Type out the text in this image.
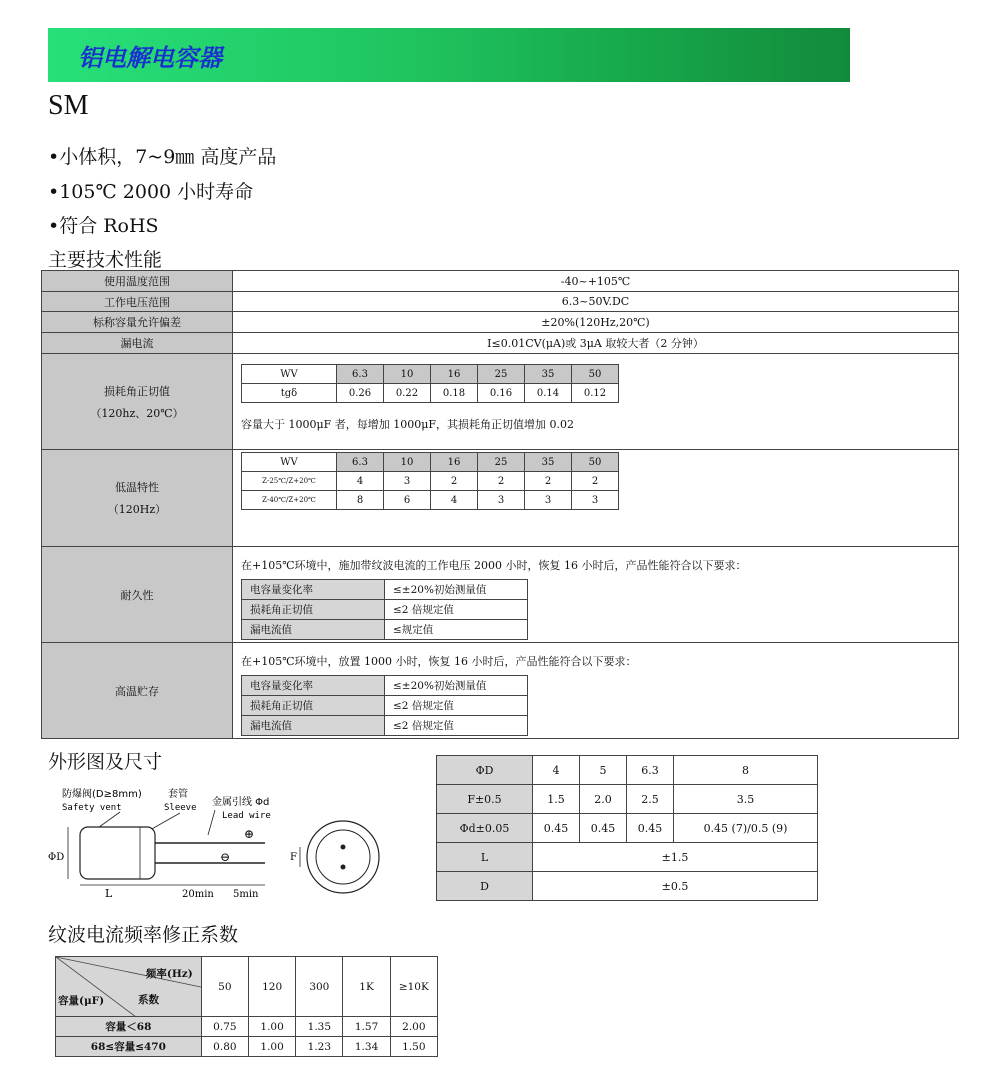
铝电解电容器
SM
•小体积，7~9㎜ 高度产品
•105℃ 2000 小时寿命
•符合 RoHS
主要技术性能
使用温度范围	-40~+105℃
工作电压范围	6.3~50V.DC
标称容量允许偏差	±20%(120Hz,20℃)
漏电流	I≤0.01CV(μA)或 3μA 取较大者（2 分钟）

损耗角正切值
（120hz、20℃）

WV	6.3	10	16	25	35	50
tgδ	0.26	0.22	0.18	0.16	0.14	0.12
容量大于 1000μF 者，每增加 1000μF，其损耗角正切值增加 0.02

低温特性
（120Hz）

WV	6.3	10	16	25	35	50
Z-25℃/Z+20℃	4	3	2	2	2	2
Z-40℃/Z+20℃	8	6	4	3	3	3

耐久性	
在+105℃环境中，施加带纹波电流的工作电压 2000 小时，恢复 16 小时后，产品性能符合以下要求：
电容量变化率	≤±20%初始测量值
损耗角正切值	≤2 倍规定值
漏电流值	≤规定值

高温贮存	
在+105℃环境中，放置 1000 小时，恢复 16 小时后，产品性能符合以下要求：
电容量变化率	≤±20%初始测量值
损耗角正切值	≤2 倍规定值
漏电流值	≤2 倍规定值
外形图及尺寸
防爆阀(D≥8mm)
Safety vent
套管
Sleeve 金属引线 Φd
Lead wire
⊕
⊖
ΦD
L	20min 5min
F
ΦD	4	5	6.3	8
F±0.5	1.5	2.0	2.5	3.5
Φd±0.05	0.45	0.45	0.45	0.45 (7)/0.5 (9)
L	±1.5			
D	±0.5			
纹波电流频率修正系数
频率(Hz)
容量(μF) 系数	50	120	300	1K	≥10K
容量＜68	0.75	1.00	1.35	1.57	2.00
68≤容量≤470	0.80	1.00	1.23	1.34	1.50
